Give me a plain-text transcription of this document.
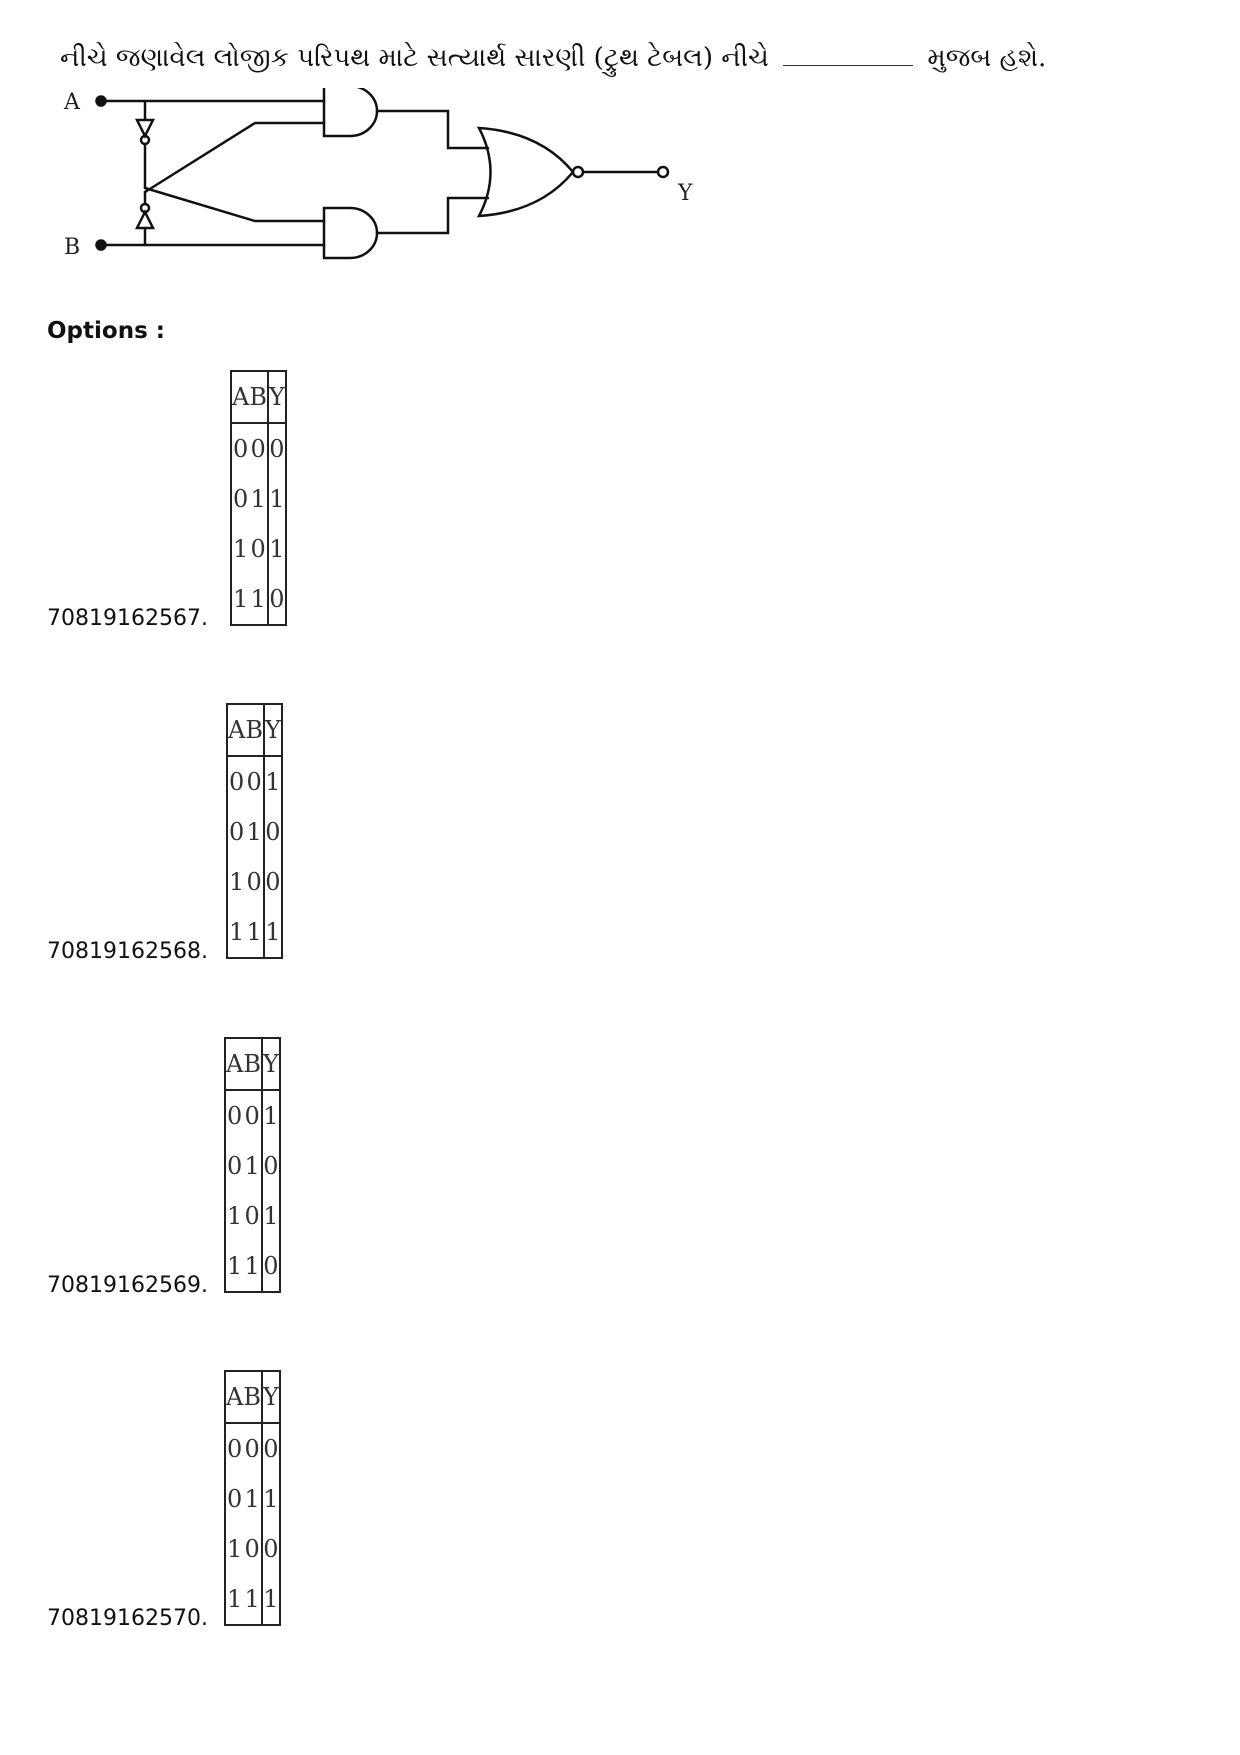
નીચે જણાવેલ લોજીક પરિપથ માટે સત્યાર્થ સારણી (ટ્રુથ ટેબલ) નીચે	મુજબ હશે.
A
B
Y
Options :
A	B	Y
0	0	0
0	1	1
1	0	1
1	1	0
70819162567.
A	B	Y
0	0	1
0	1	0
1	0	0
1	1	1
70819162568.
A	B	Y
0	0	1
0	1	0
1	0	1
1	1	0
70819162569.
A	B	Y
0	0	0
0	1	1
1	0	0
1	1	1
70819162570.
